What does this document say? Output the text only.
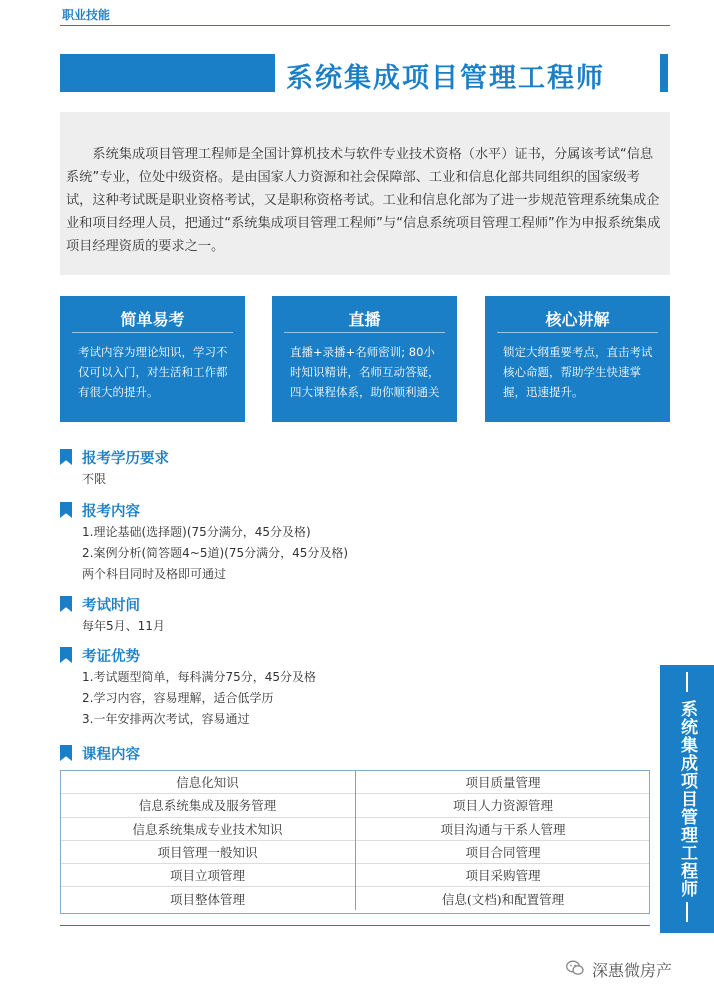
职业技能
系统集成项目管理工程师

系统集成项目管理工程师是全国计算机技术与软件专业技术资格（水平）证书，分属该考试“信息系统”专业，位处中级资格。是由国家人力资源和社会保障部、工业和信息化部共同组织的国家级考试，这种考试既是职业资格考试，又是职称资格考试。工业和信息化部为了进一步规范管理系统集成企业和项目经理人员，把通过“系统集成项目管理工程师”与“信息系统项目管理工程师”作为申报系统集成项目经理资质的要求之一。

简单易考
考试内容为理论知识，学习不仅可以入门，对生活和工作都有很大的提升。
直播
直播+录播+名师密训; 80小时知识精讲，名师互动答疑，四大课程体系，助你顺利通关
核心讲解
锁定大纲重要考点，直击考试核心命题，帮助学生快速掌握，迅速提升。
报考学历要求
不限
报考内容
1.理论基础(选择题)(75分满分，45分及格)
2.案例分析(简答题4~5道)(75分满分，45分及格)
两个科目同时及格即可通过
考试时间
每年5月、11月
考证优势
1.考试题型简单，每科满分75分，45分及格
2.学习内容，容易理解，适合低学历
3.一年安排两次考试，容易通过
课程内容
信息化知识	项目质量管理
信息系统集成及服务管理	项目人力资源管理
信息系统集成专业技术知识	项目沟通与干系人管理
项目管理一般知识	项目合同管理
项目立项管理	项目采购管理
项目整体管理	信息(文档)和配置管理
系统集成项目管理工程师
深惠微房产
